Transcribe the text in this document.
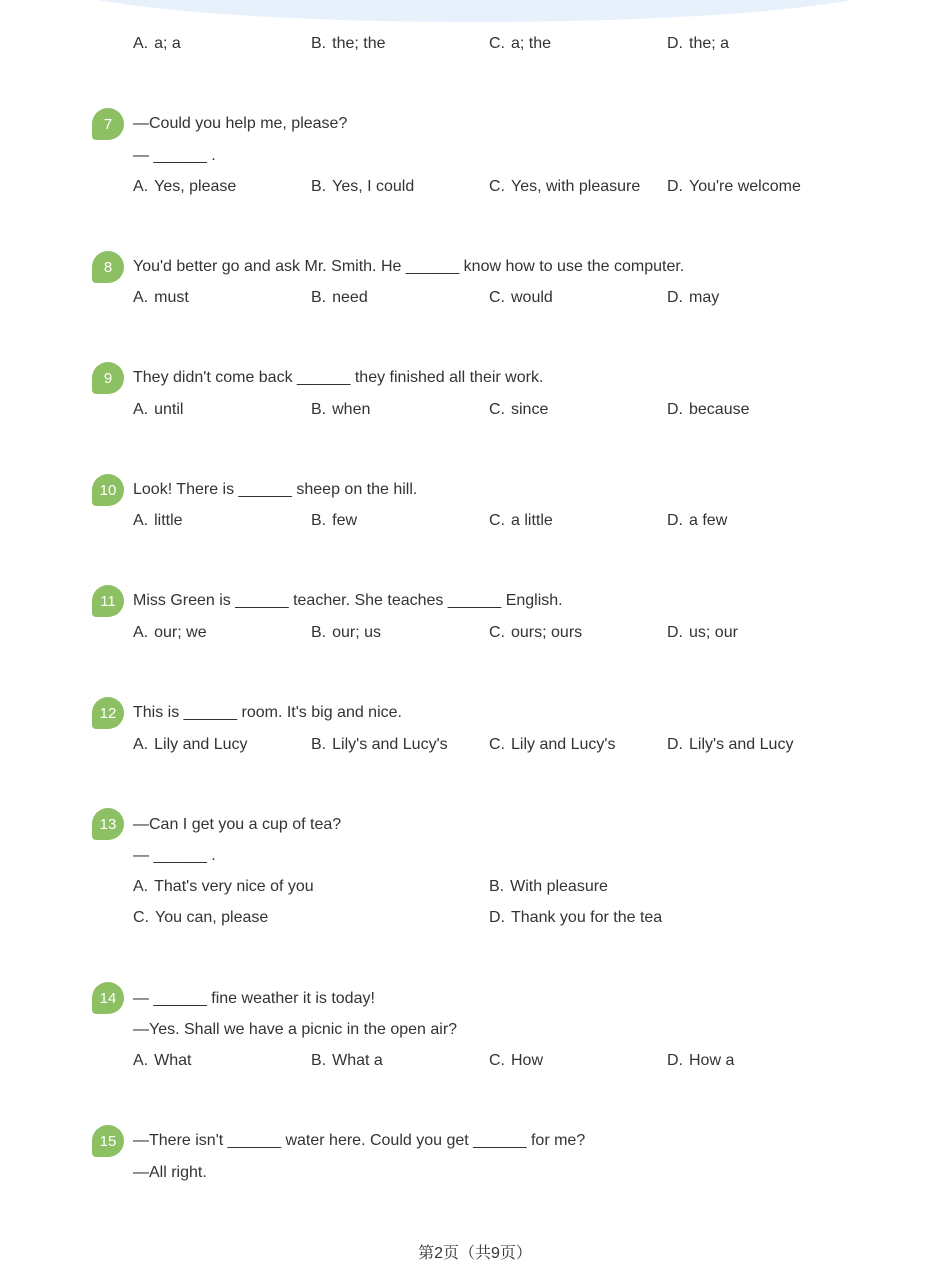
A. a; a	B. the; the	C. a; the	D. the; a
7 —Could you help me, please?
— ______ .
A. Yes, please	B. Yes, I could	C. Yes, with pleasure D. You're welcome
8 You'd better go and ask Mr. Smith. He ______ know how to use the computer.
A. must	B. need	C. would	D. may
9 They didn't come back ______ they finished all their work.
A. until	B. when	C. since	D. because
10 Look! There is ______ sheep on the hill.
A. little	B. few	C. a little	D. a few
11 Miss Green is ______ teacher. She teaches ______ English.
A. our; we	B. our; us	C. ours; ours	D. us; our
12 This is ______ room. It's big and nice.
A. Lily and Lucy	B. Lily's and Lucy's	C. Lily and Lucy's	D. Lily's and Lucy
13 —Can I get you a cup of tea?
— ______ .
A. That's very nice of you	B. With pleasure
C. You can, please	D. Thank you for the tea
14 — ______ fine weather it is today!
—Yes. Shall we have a picnic in the open air?
A. What	B. What a	C. How	D. How a
15 —There isn't ______ water here. Could you get ______ for me?
—All right.
第2页（共9页）
